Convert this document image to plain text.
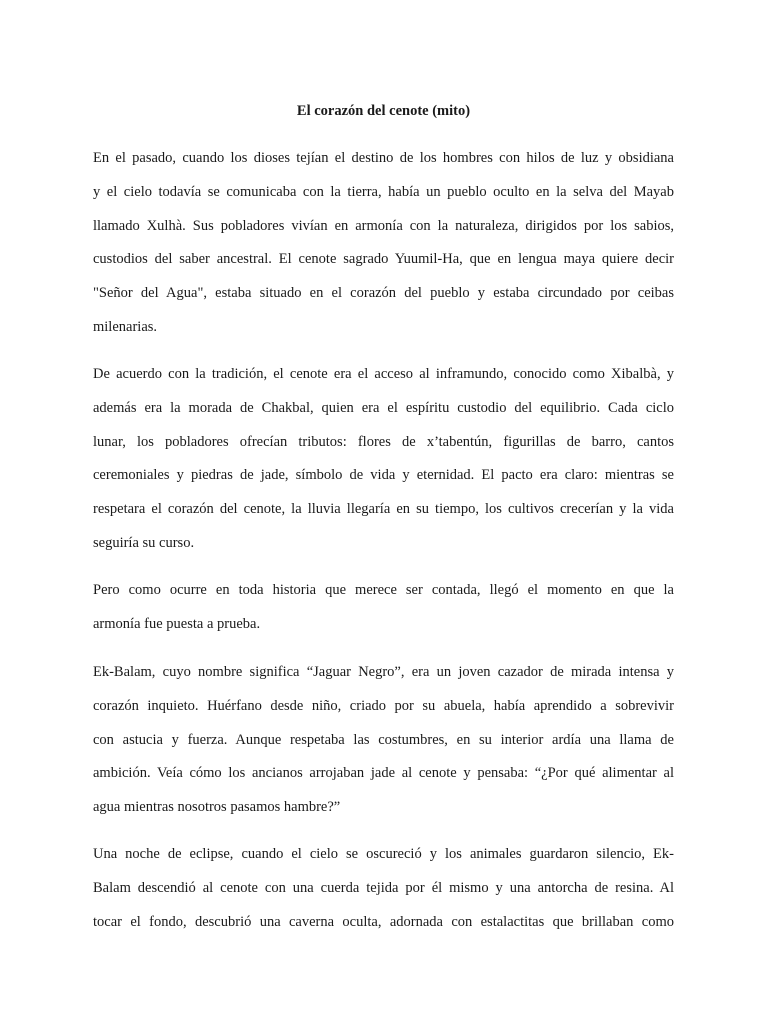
El corazón del cenote (mito)

En el pasado, cuando los dioses tejían el destino de los hombres con hilos de luz y obsidiana
y el cielo todavía se comunicaba con la tierra, había un pueblo oculto en la selva del Mayab
llamado Xulhà. Sus pobladores vivían en armonía con la naturaleza, dirigidos por los sabios,
custodios del saber ancestral. El cenote sagrado Yuumil-Ha, que en lengua maya quiere decir
"Señor del Agua", estaba situado en el corazón del pueblo y estaba circundado por ceibas
milenarias.

De acuerdo con la tradición, el cenote era el acceso al inframundo, conocido como Xibalbà, y
además era la morada de Chakbal, quien era el espíritu custodio del equilibrio. Cada ciclo
lunar, los pobladores ofrecían tributos: flores de x’tabentún, figurillas de barro, cantos
ceremoniales y piedras de jade, símbolo de vida y eternidad. El pacto era claro: mientras se
respetara el corazón del cenote, la lluvia llegaría en su tiempo, los cultivos crecerían y la vida
seguiría su curso.

Pero como ocurre en toda historia que merece ser contada, llegó el momento en que la
armonía fue puesta a prueba.

Ek-Balam, cuyo nombre significa “Jaguar Negro”, era un joven cazador de mirada intensa y
corazón inquieto. Huérfano desde niño, criado por su abuela, había aprendido a sobrevivir
con astucia y fuerza. Aunque respetaba las costumbres, en su interior ardía una llama de
ambición. Veía cómo los ancianos arrojaban jade al cenote y pensaba: “¿Por qué alimentar al
agua mientras nosotros pasamos hambre?”

Una noche de eclipse, cuando el cielo se oscureció y los animales guardaron silencio, Ek-
Balam descendió al cenote con una cuerda tejida por él mismo y una antorcha de resina. Al
tocar el fondo, descubrió una caverna oculta, adornada con estalactitas que brillaban como
